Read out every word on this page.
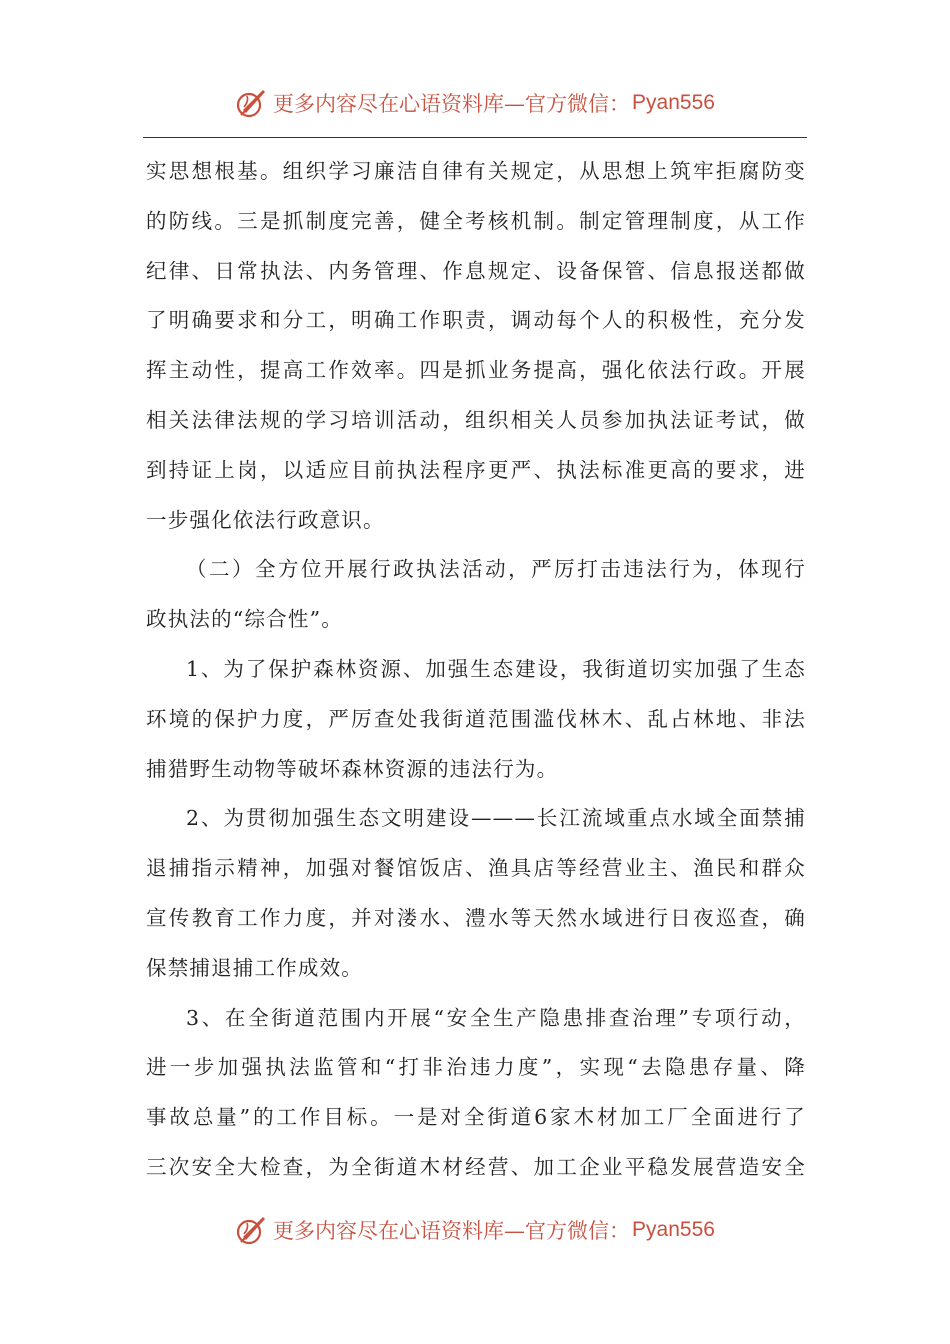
更多内容尽在心语资料库—官方微信： Pyan556
实思想根基。组织学习廉洁自律有关规定，从思想上筑牢拒腐防变
的防线。三是抓制度完善，健全考核机制。制定管理制度，从工作
纪律、日常执法、内务管理、作息规定、设备保管、信息报送都做
了明确要求和分工，明确工作职责，调动每个人的积极性，充分发
挥主动性，提高工作效率。四是抓业务提高，强化依法行政。开展
相关法律法规的学习培训活动，组织相关人员参加执法证考试，做
到持证上岗，以适应目前执法程序更严、执法标准更高的要求，进
一步强化依法行政意识。
（二）全方位开展行政执法活动，严厉打击违法行为，体现行
政执法的“综合性”。
1、为了保护森林资源、加强生态建设，我街道切实加强了生态
环境的保护力度，严厉查处我街道范围滥伐林木、乱占林地、非法
捕猎野生动物等破坏森林资源的违法行为。
2、为贯彻加强生态文明建设———长江流域重点水域全面禁捕
退捕指示精神，加强对餐馆饭店、渔具店等经营业主、渔民和群众
宣传教育工作力度，并对溇水、澧水等天然水域进行日夜巡查，确
保禁捕退捕工作成效。
3、在全街道范围内开展“安全生产隐患排查治理”专项行动，
进一步加强执法监管和“打非治违力度”，实现“去隐患存量、降
事故总量”的工作目标。一是对全街道6家木材加工厂全面进行了
三次安全大检查，为全街道木材经营、加工企业平稳发展营造安全
更多内容尽在心语资料库—官方微信： Pyan556
